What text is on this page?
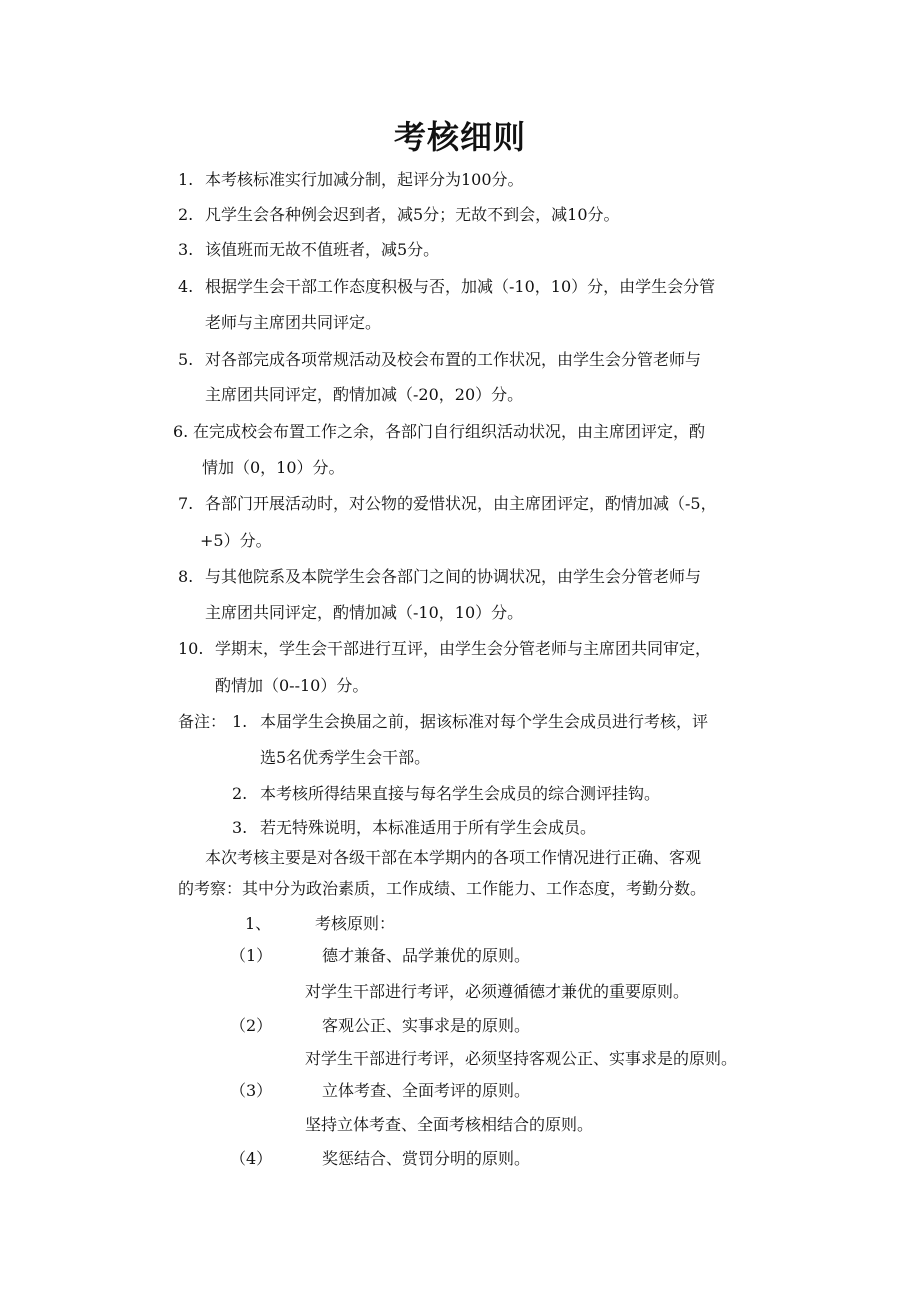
考核细则
1. 本考核标准实行加减分制，起评分为100分。
2. 凡学生会各种例会迟到者，减5分；无故不到会，减10分。
3. 该值班而无故不值班者，减5分。
4. 根据学生会干部工作态度积极与否，加减（-10，10）分，由学生会分管
老师与主席团共同评定。
5. 对各部完成各项常规活动及校会布置的工作状况，由学生会分管老师与
主席团共同评定，酌情加减（-20，20）分。
6. 在完成校会布置工作之余，各部门自行组织活动状况，由主席团评定，酌
情加（0，10）分。
7. 各部门开展活动时，对公物的爱惜状况，由主席团评定，酌情加减（-5，
+5）分。
8. 与其他院系及本院学生会各部门之间的协调状况，由学生会分管老师与
主席团共同评定，酌情加减（-10，10）分。
10. 学期末，学生会干部进行互评，由学生会分管老师与主席团共同审定，
酌情加（0--10）分。
备注： 1. 本届学生会换届之前，据该标准对每个学生会成员进行考核，评
选5名优秀学生会干部。
2. 本考核所得结果直接与每名学生会成员的综合测评挂钩。
3. 若无特殊说明，本标准适用于所有学生会成员。
本次考核主要是对各级干部在本学期内的各项工作情况进行正确、客观
的考察：其中分为政治素质，工作成绩、工作能力、工作态度，考勤分数。
1、	考核原则：
（1）	德才兼备、品学兼优的原则。
对学生干部进行考评，必须遵循德才兼优的重要原则。
（2）	客观公正、实事求是的原则。
对学生干部进行考评，必须坚持客观公正、实事求是的原则。
（3）	立体考查、全面考评的原则。
坚持立体考查、全面考核相结合的原则。
（4）	奖惩结合、赏罚分明的原则。
